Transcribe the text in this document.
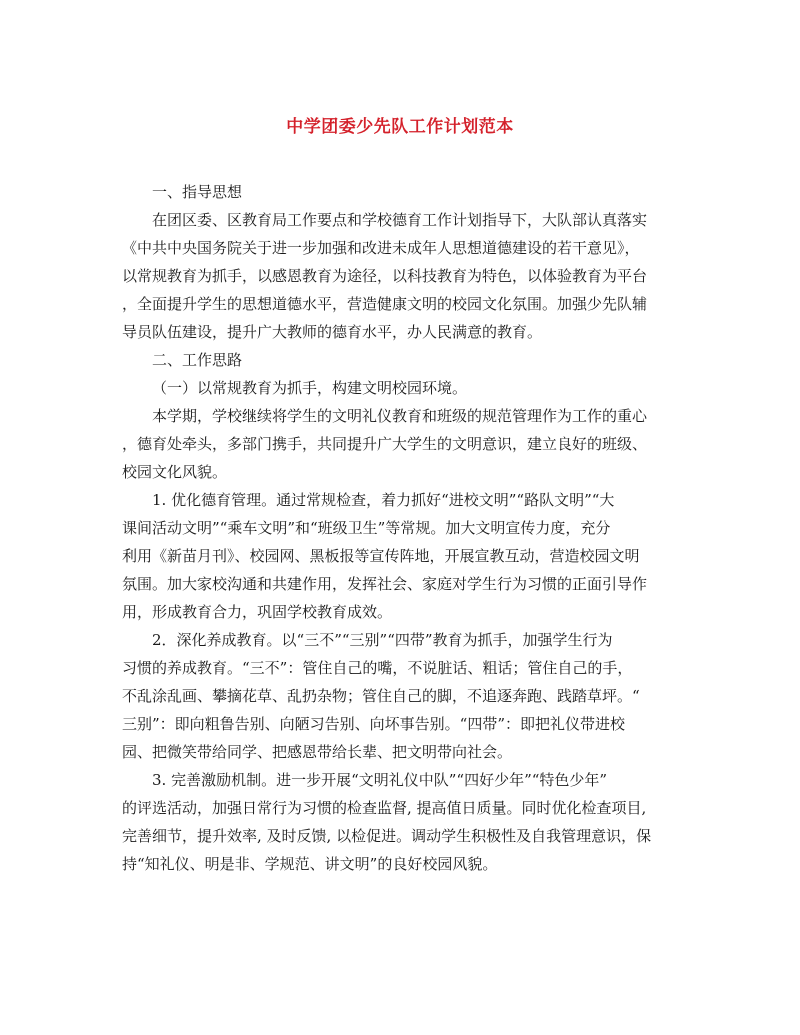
中学团委少先队工作计划范本
一、指导思想
在团区委、区教育局工作要点和学校德育工作计划指导下，大队部认真落实
《中共中央国务院关于进一步加强和改进未成年人思想道德建设的若干意见》，
以常规教育为抓手，以感恩教育为途径，以科技教育为特色，以体验教育为平台
，全面提升学生的思想道德水平，营造健康文明的校园文化氛围。加强少先队辅
导员队伍建设，提升广大教师的德育水平，办人民满意的教育。
二、工作思路
（一）以常规教育为抓手，构建文明校园环境。
本学期，学校继续将学生的文明礼仪教育和班级的规范管理作为工作的重心
，德育处牵头，多部门携手，共同提升广大学生的文明意识，建立良好的班级、
校园文化风貌。
1. 优化德育管理。通过常规检查，着力抓好“进校文明”“路队文明”“大
课间活动文明”“乘车文明”和“班级卫生”等常规。加大文明宣传力度，充分
利用《新苗月刊》、校园网、黑板报等宣传阵地，开展宣教互动，营造校园文明
氛围。加大家校沟通和共建作用，发挥社会、家庭对学生行为习惯的正面引导作
用，形成教育合力，巩固学校教育成效。
2．深化养成教育。以“三不”“三别”“四带”教育为抓手，加强学生行为
习惯的养成教育。“三不”：管住自己的嘴，不说脏话、粗话；管住自己的手，
不乱涂乱画、攀摘花草、乱扔杂物；管住自己的脚，不追逐奔跑、践踏草坪。“
三别”：即向粗鲁告别、向陋习告别、向坏事告别。“四带”：即把礼仪带进校
园、把微笑带给同学、把感恩带给长辈、把文明带向社会。
3. 完善激励机制。进一步开展“文明礼仪中队”“四好少年”“特色少年”
的评选活动，加强日常行为习惯的检查监督, 提高值日质量。同时优化检查项目,
完善细节，提升效率, 及时反馈, 以检促进。调动学生积极性及自我管理意识，保
持“知礼仪、明是非、学规范、讲文明”的良好校园风貌。
